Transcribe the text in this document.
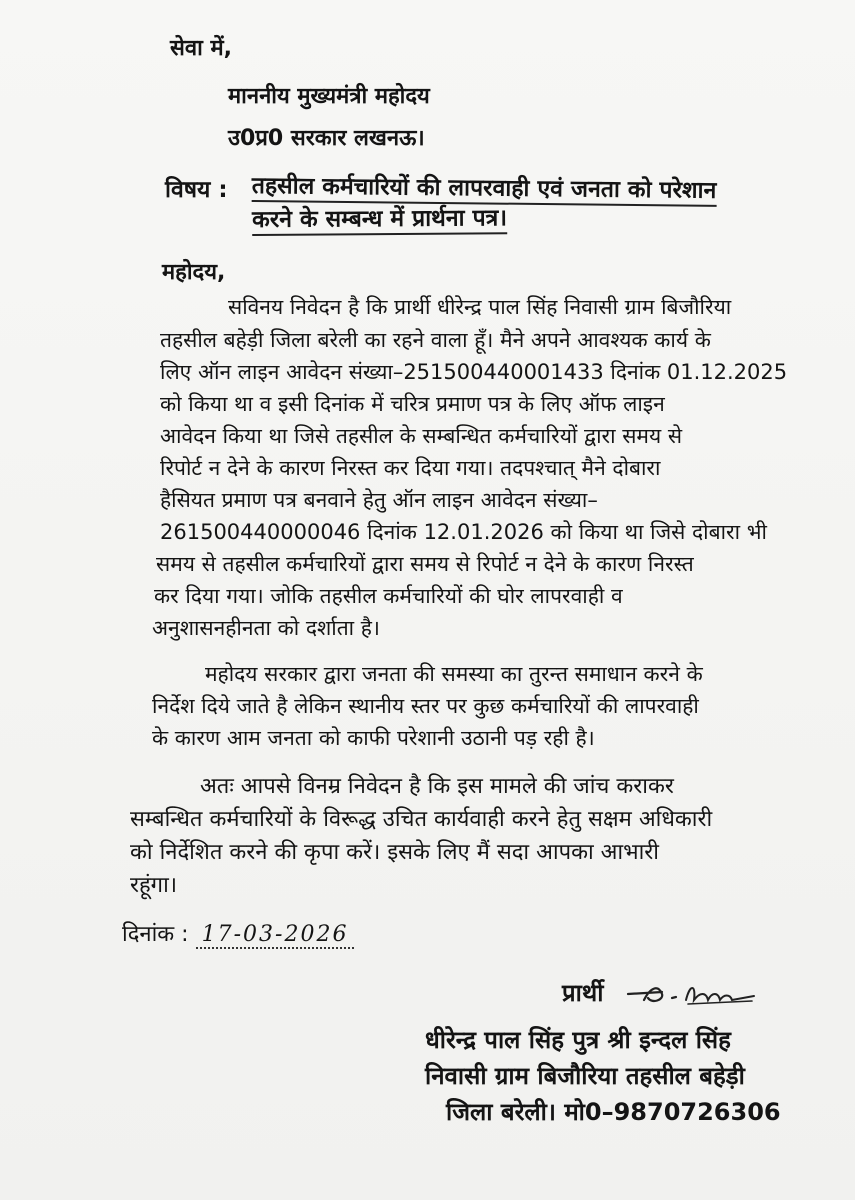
सेवा में,
माननीय मुख्यमंत्री महोदय
उ0प्र0 सरकार लखनऊ।
विषय : तहसील कर्मचारियों की लापरवाही एवं जनता को परेशान
करने के सम्बन्ध में प्रार्थना पत्र।
महोदय,
सविनय निवेदन है कि प्रार्थी धीरेन्द्र पाल सिंह निवासी ग्राम बिजौरिया
तहसील बहेड़ी जिला बरेली का रहने वाला हूँ। मैने अपने आवश्यक कार्य के
लिए ऑन लाइन आवेदन संख्या–251500440001433 दिनांक 01.12.2025
को किया था व इसी दिनांक में चरित्र प्रमाण पत्र के लिए ऑफ लाइन
आवेदन किया था जिसे तहसील के सम्बन्धित कर्मचारियों द्वारा समय से
रिपोर्ट न देने के कारण निरस्त कर दिया गया। तदपश्चात् मैने दोबारा
हैसियत प्रमाण पत्र बनवाने हेतु ऑन लाइन आवेदन संख्या–
261500440000046 दिनांक 12.01.2026 को किया था जिसे दोबारा भी
समय से तहसील कर्मचारियों द्वारा समय से रिपोर्ट न देने के कारण निरस्त
कर दिया गया। जोकि तहसील कर्मचारियों की घोर लापरवाही व
अनुशासनहीनता को दर्शाता है।
महोदय सरकार द्वारा जनता की समस्या का तुरन्त समाधान करने के
निर्देश दिये जाते है लेकिन स्थानीय स्तर पर कुछ कर्मचारियों की लापरवाही
के कारण आम जनता को काफी परेशानी उठानी पड़ रही है।
अतः आपसे विनम्र निवेदन है कि इस मामले की जांच कराकर
सम्बन्धित कर्मचारियों के विरूद्ध उचित कार्यवाही करने हेतु सक्षम अधिकारी
को निर्देशित करने की कृपा करें। इसके लिए मैं सदा आपका आभारी
रहूंगा।
दिनांक : 17-03-2026
प्रार्थी
धीरेन्द्र पाल सिंह पुत्र श्री इन्दल सिंह
निवासी ग्राम बिजौरिया तहसील बहेड़ी
जिला बरेली। मो0–9870726306
